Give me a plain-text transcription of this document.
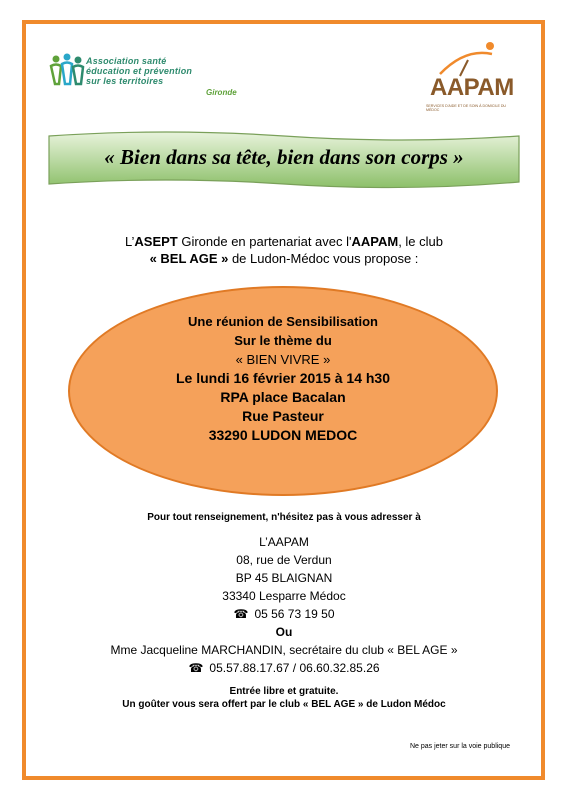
Association santé
éducation et prévention
sur les territoires
Gironde	AAPAM
SERVICES D'AIDE ET DE SOIN À DOMICILE DU MÉDOC
« Bien dans sa tête, bien dans son corps »
L’ASEPT Gironde en partenariat avec l'AAPAM, le club
« BEL AGE » de Ludon-Médoc vous propose :
Une réunion de Sensibilisation
Sur le thème du
« BIEN VIVRE »
Le lundi 16 février 2015 à 14 h30
RPA place Bacalan
Rue Pasteur
33290 LUDON MEDOC
Pour tout renseignement, n'hésitez pas à vous adresser à
L’AAPAM
08, rue de Verdun
BP 45 BLAIGNAN
33340 Lesparre Médoc
☎ 05 56 73 19 50
Ou
Mme Jacqueline MARCHANDIN, secrétaire du club « BEL AGE »
☎ 05.57.88.17.67 / 06.60.32.85.26
Entrée libre et gratuite.
Un goûter vous sera offert par le club « BEL AGE » de Ludon Médoc
Ne pas jeter sur la voie publique
